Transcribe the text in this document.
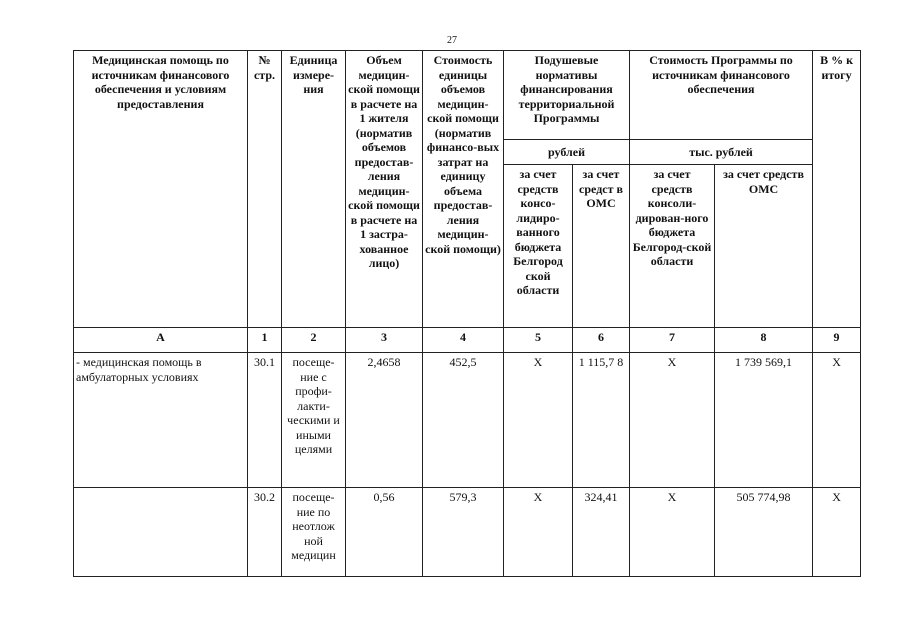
27
Медицинская помощь по источникам финансового обеспечения и условиям предоставления	№ стр.	Единица измере-ния	Объем медицин-ской помощи в расчете на 1 жителя (норматив объемов предостав-ления медицин-ской помощи в расчете на 1 застра-хованное лицо)	Стоимость единицы объемов медицин-ской помощи (норматив финансо-вых затрат на единицу объема предостав-ления медицин-ской помощи)	Подушевые нормативы финансирования территориальной Программы		Стоимость Программы по источникам финансового обеспечения		В % к итогу
					рублей		тыс. рублей		
					за счет средств консо-лидиро-ванного бюджета Белгород ской области	за счет средст в ОМС	за счет средств консоли-дирован-ного бюджета Белгород-ской области	за счет средств ОМС	
А	1	2	3	4	5	6	7	8	9
- медицинская помощь в амбулаторных условиях	30.1	посеще-ние с профи-лакти-ческими и иными целями	2,4658	452,5	Х	1 115,7 8	Х	1 739 569,1	Х
	30.2	посеще-ние по неотлож ной медицин	0,56	579,3	Х	324,41	Х	505 774,98	Х
